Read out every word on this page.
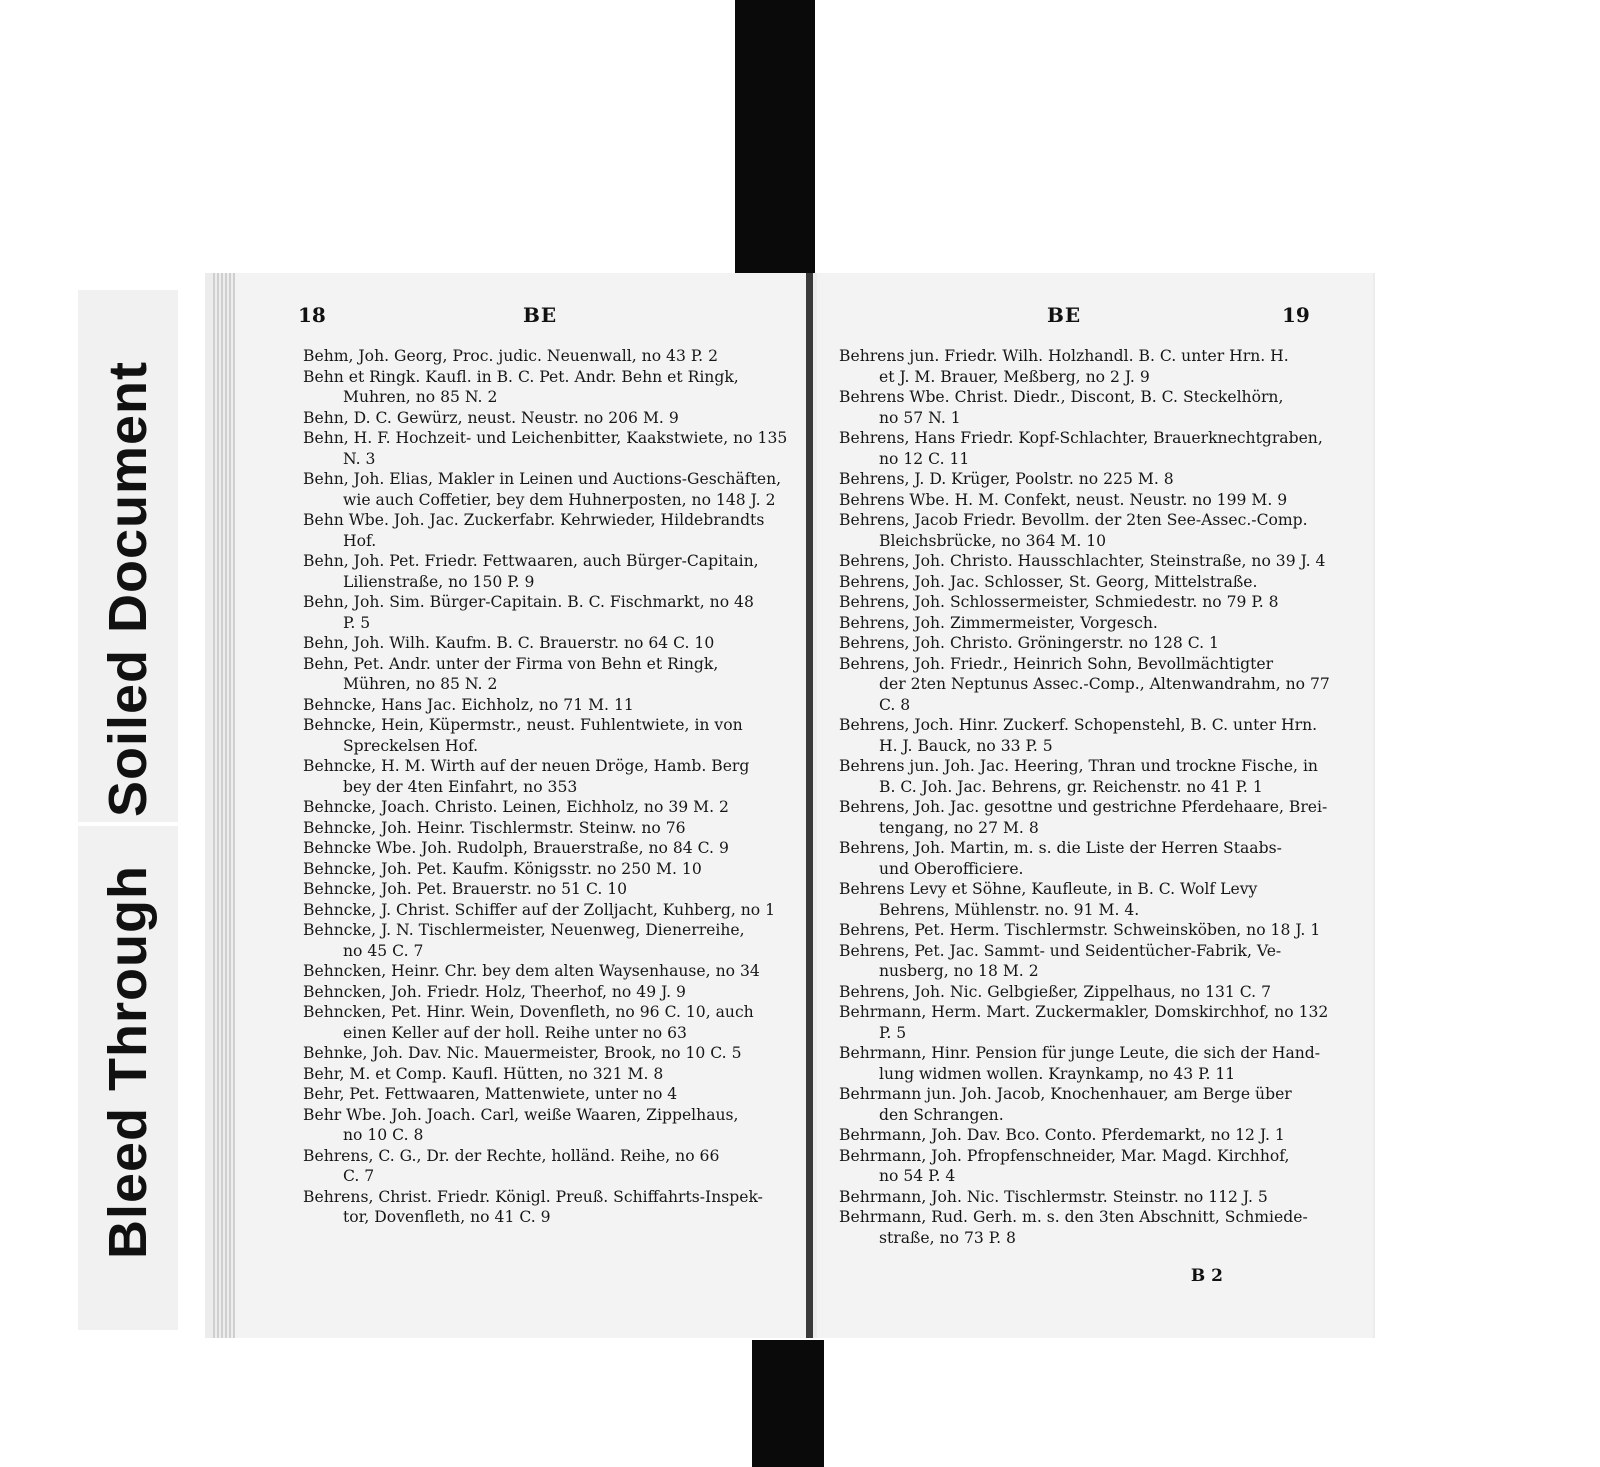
Bleed Through   Soiled Document
18	BE
Behm, Joh. Georg, Proc. judic. Neuenwall, no 43 P. 2
Behn et Ringk. Kaufl. in B. C. Pet. Andr. Behn et Ringk,

Muhren, no 85 N. 2
Behn, D. C. Gewürz, neust. Neustr. no 206 M. 9
Behn, H. F. Hochzeit- und Leichenbitter, Kaakstwiete, no 135

N. 3
Behn, Joh. Elias, Makler in Leinen und Auctions-Geschäften,

wie auch Coffetier, bey dem Huhnerposten, no 148 J. 2
Behn Wbe. Joh. Jac. Zuckerfabr. Kehrwieder, Hildebrandts

Hof.
Behn, Joh. Pet. Friedr. Fettwaaren, auch Bürger-Capitain,

Lilienstraße, no 150 P. 9
Behn, Joh. Sim. Bürger-Capitain. B. C. Fischmarkt, no 48

P. 5
Behn, Joh. Wilh. Kaufm. B. C. Brauerstr. no 64 C. 10
Behn, Pet. Andr. unter der Firma von Behn et Ringk,

Mühren, no 85 N. 2
Behncke, Hans Jac. Eichholz, no 71 M. 11
Behncke, Hein, Küpermstr., neust. Fuhlentwiete, in von

Spreckelsen Hof.
Behncke, H. M. Wirth auf der neuen Dröge, Hamb. Berg

bey der 4ten Einfahrt, no 353
Behncke, Joach. Christo. Leinen, Eichholz, no 39 M. 2
Behncke, Joh. Heinr. Tischlermstr. Steinw. no 76
Behncke Wbe. Joh. Rudolph, Brauerstraße, no 84 C. 9
Behncke, Joh. Pet. Kaufm. Königsstr. no 250 M. 10
Behncke, Joh. Pet. Brauerstr. no 51 C. 10
Behncke, J. Christ. Schiffer auf der Zolljacht, Kuhberg, no 1
Behncke, J. N. Tischlermeister, Neuenweg, Dienerreihe,

no 45 C. 7
Behncken, Heinr. Chr. bey dem alten Waysenhause, no 34
Behncken, Joh. Friedr. Holz, Theerhof, no 49 J. 9
Behncken, Pet. Hinr. Wein, Dovenfleth, no 96 C. 10, auch

einen Keller auf der holl. Reihe unter no 63
Behnke, Joh. Dav. Nic. Mauermeister, Brook, no 10 C. 5
Behr, M. et Comp. Kaufl. Hütten, no 321 M. 8
Behr, Pet. Fettwaaren, Mattenwiete, unter no 4
Behr Wbe. Joh. Joach. Carl, weiße Waaren, Zippelhaus,

no 10 C. 8
Behrens, C. G., Dr. der Rechte, holländ. Reihe, no 66

C. 7
Behrens, Christ. Friedr. Königl. Preuß. Schiffahrts-Inspek-

tor, Dovenfleth, no 41 C. 9
BE	19
Behrens jun. Friedr. Wilh. Holzhandl. B. C. unter Hrn. H.

et J. M. Brauer, Meßberg, no 2 J. 9
Behrens Wbe. Christ. Diedr., Discont, B. C. Steckelhörn,

no 57 N. 1
Behrens, Hans Friedr. Kopf-Schlachter, Brauerknechtgraben,

no 12 C. 11
Behrens, J. D. Krüger, Poolstr. no 225 M. 8
Behrens Wbe. H. M. Confekt, neust. Neustr. no 199 M. 9
Behrens, Jacob Friedr. Bevollm. der 2ten See-Assec.-Comp.

Bleichsbrücke, no 364 M. 10
Behrens, Joh. Christo. Hausschlachter, Steinstraße, no 39 J. 4
Behrens, Joh. Jac. Schlosser, St. Georg, Mittelstraße.
Behrens, Joh. Schlossermeister, Schmiedestr. no 79 P. 8
Behrens, Joh. Zimmermeister, Vorgesch.
Behrens, Joh. Christo. Gröningerstr. no 128 C. 1
Behrens, Joh. Friedr., Heinrich Sohn, Bevollmächtigter

der 2ten Neptunus Assec.-Comp., Altenwandrahm, no 77
C. 8
Behrens, Joch. Hinr. Zuckerf. Schopenstehl, B. C. unter Hrn.

H. J. Bauck, no 33 P. 5
Behrens jun. Joh. Jac. Heering, Thran und trockne Fische, in

B. C. Joh. Jac. Behrens, gr. Reichenstr. no 41 P. 1
Behrens, Joh. Jac. gesottne und gestrichne Pferdehaare, Brei-

tengang, no 27 M. 8
Behrens, Joh. Martin, m. s. die Liste der Herren Staabs-

und Oberofficiere.
Behrens Levy et Söhne, Kaufleute, in B. C. Wolf Levy

Behrens, Mühlenstr. no. 91 M. 4.
Behrens, Pet. Herm. Tischlermstr. Schweinsköben, no 18 J. 1
Behrens, Pet. Jac. Sammt- und Seidentücher-Fabrik, Ve-

nusberg, no 18 M. 2
Behrens, Joh. Nic. Gelbgießer, Zippelhaus, no 131 C. 7
Behrmann, Herm. Mart. Zuckermakler, Domskirchhof, no 132

P. 5
Behrmann, Hinr. Pension für junge Leute, die sich der Hand-

lung widmen wollen. Kraynkamp, no 43 P. 11
Behrmann jun. Joh. Jacob, Knochenhauer, am Berge über

den Schrangen.
Behrmann, Joh. Dav. Bco. Conto. Pferdemarkt, no 12 J. 1
Behrmann, Joh. Pfropfenschneider, Mar. Magd. Kirchhof,

no 54 P. 4
Behrmann, Joh. Nic. Tischlermstr. Steinstr. no 112 J. 5
Behrmann, Rud. Gerh. m. s. den 3ten Abschnitt, Schmiede-

straße, no 73 P. 8
B 2
